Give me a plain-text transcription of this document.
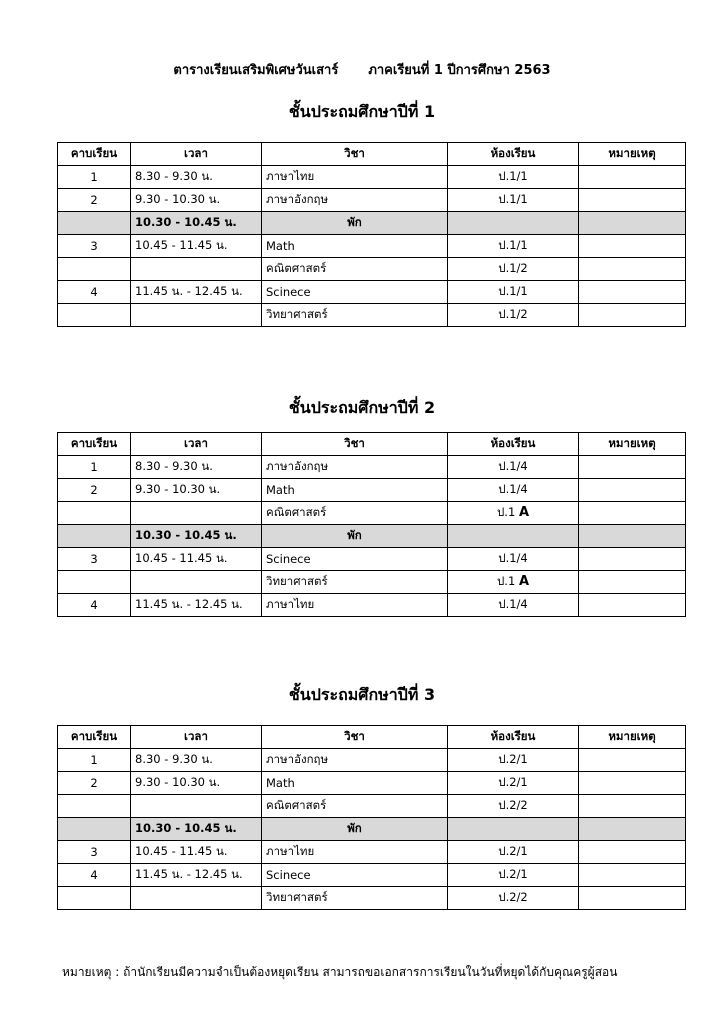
ตารางเรียนเสริมพิเศษวันเสาร์ ภาคเรียนที่ 1 ปีการศึกษา 2563
ชั้นประถมศึกษาปีที่ 1
คาบเรียน	เวลา	วิชา	ห้องเรียน	หมายเหตุ
1	8.30 - 9.30 น.	ภาษาไทย	ป.1/1	
2	9.30 - 10.30 น.	ภาษาอังกฤษ	ป.1/1	
	10.30 - 10.45 น.	พัก		
3	10.45 - 11.45 น.	Math	ป.1/1	
		คณิตศาสตร์	ป.1/2	
4	11.45 น. - 12.45 น.	Scinece	ป.1/1	
		วิทยาศาสตร์	ป.1/2	
ชั้นประถมศึกษาปีที่ 2
คาบเรียน	เวลา	วิชา	ห้องเรียน	หมายเหตุ
1	8.30 - 9.30 น.	ภาษาอังกฤษ	ป.1/4	
2	9.30 - 10.30 น.	Math	ป.1/4	
		คณิตศาสตร์	ป.1 A	
	10.30 - 10.45 น.	พัก		
3	10.45 - 11.45 น.	Scinece	ป.1/4	
		วิทยาศาสตร์	ป.1 A	
4	11.45 น. - 12.45 น.	ภาษาไทย	ป.1/4	
ชั้นประถมศึกษาปีที่ 3
คาบเรียน	เวลา	วิชา	ห้องเรียน	หมายเหตุ
1	8.30 - 9.30 น.	ภาษาอังกฤษ	ป.2/1	
2	9.30 - 10.30 น.	Math	ป.2/1	
		คณิตศาสตร์	ป.2/2	
	10.30 - 10.45 น.	พัก		
3	10.45 - 11.45 น.	ภาษาไทย	ป.2/1	
4	11.45 น. - 12.45 น.	Scinece	ป.2/1	
		วิทยาศาสตร์	ป.2/2	
หมายเหตุ : ถ้านักเรียนมีความจำเป็นต้องหยุดเรียน สามารถขอเอกสารการเรียนในวันที่หยุดได้กับคุณครูผู้สอน
